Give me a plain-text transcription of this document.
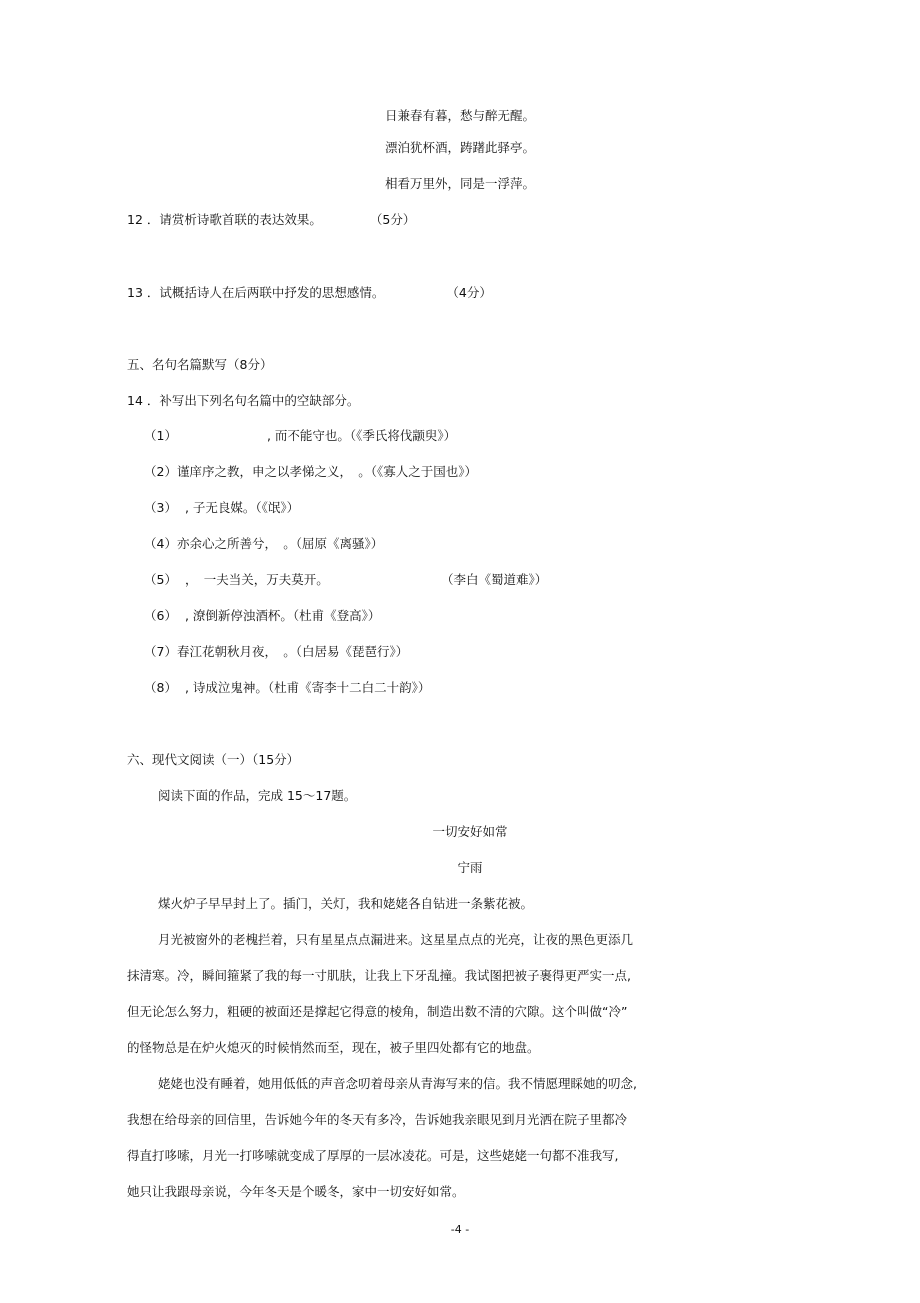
日兼春有暮，愁与醉无醒。
漂泊犹杯酒，踌躇此驿亭。
相看万里外，同是一浮萍。
12 ．请赏析诗歌首联的表达效果。	（5分）
13 ．试概括诗人在后两联中抒发的思想感情。	（4分）
五、名句名篇默写（8分）
14 ．补写出下列名句名篇中的空缺部分。
（1）	, 而不能守也。（《季氏将伐颛臾》）
（2）谨庠序之教，申之以孝悌之义，　。（《寡人之于国也》）
（3） , 子无良媒。（《氓》）
（4）亦余心之所善兮，　。（屈原《离骚》）
（5） ，　一夫当关，万夫莫开。	（李白《蜀道难》）
（6） , 潦倒新停浊酒杯。（杜甫《登高》）
（7）春江花朝秋月夜，　。（白居易《琵琶行》）
（8） , 诗成泣鬼神。（杜甫《寄李十二白二十韵》）
六、现代文阅读（一）（15分）
阅读下面的作品，完成 15～17题。
一切安好如常
宁雨
煤火炉子早早封上了。插门，关灯，我和姥姥各自钻进一条紫花被。
月光被窗外的老槐拦着，只有星星点点漏进来。这星星点点的光亮，让夜的黑色更添几
抹清寒。冷，瞬间箍紧了我的每一寸肌肤，让我上下牙乱撞。我试图把被子裹得更严实一点,
但无论怎么努力，粗硬的被面还是撑起它得意的棱角，制造出数不清的穴隙。这个叫做“冷”
的怪物总是在炉火熄灭的时候悄然而至，现在，被子里四处都有它的地盘。
姥姥也没有睡着，她用低低的声音念叨着母亲从青海写来的信。我不情愿理睬她的叨念,
我想在给母亲的回信里，告诉她今年的冬天有多冷，告诉她我亲眼见到月光洒在院子里都冷
得直打哆嗦，月光一打哆嗦就变成了厚厚的一层冰凌花。可是，这些姥姥一句都不准我写,
她只让我跟母亲说，今年冬天是个暖冬，家中一切安好如常。
-4 -
